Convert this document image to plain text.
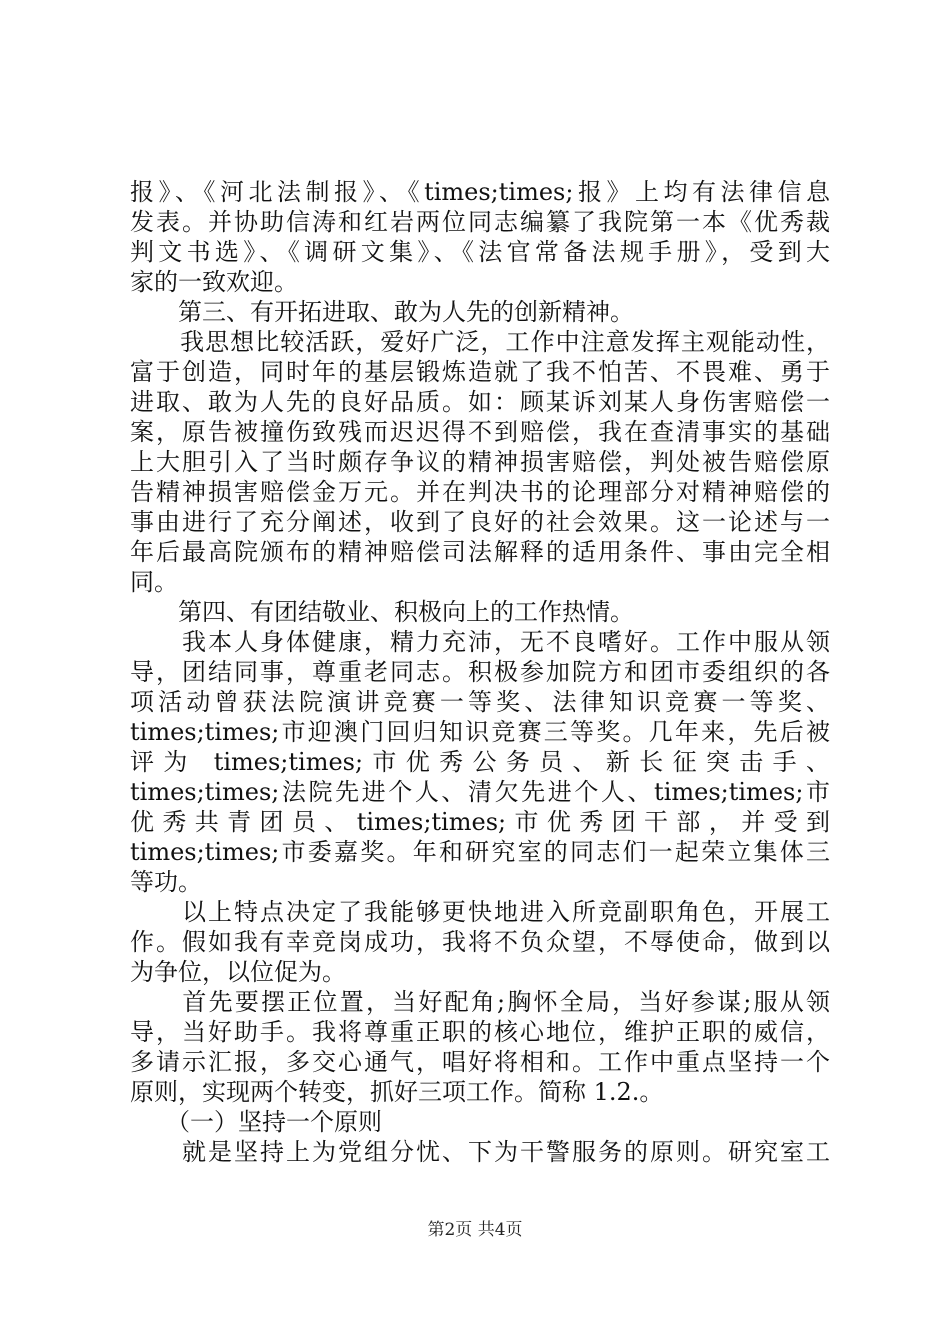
报》、《河北法制报》、《times;times;报》上均有法律信息
发表。并协助信涛和红岩两位同志编纂了我院第一本《优秀裁
判文书选》、《调研文集》、《法官常备法规手册》，受到大
家的一致欢迎。
　　第三、有开拓进取、敢为人先的创新精神。
　　我思想比较活跃，爱好广泛，工作中注意发挥主观能动性，
富于创造，同时年的基层锻炼造就了我不怕苦、不畏难、勇于
进取、敢为人先的良好品质。如：顾某诉刘某人身伤害赔偿一
案，原告被撞伤致残而迟迟得不到赔偿，我在查清事实的基础
上大胆引入了当时颇存争议的精神损害赔偿，判处被告赔偿原
告精神损害赔偿金万元。并在判决书的论理部分对精神赔偿的
事由进行了充分阐述，收到了良好的社会效果。这一论述与一
年后最高院颁布的精神赔偿司法解释的适用条件、事由完全相
同。
　　第四、有团结敬业、积极向上的工作热情。
　　我本人身体健康，精力充沛，无不良嗜好。工作中服从领
导，团结同事，尊重老同志。积极参加院方和团市委组织的各
项活动曾获法院演讲竞赛一等奖、法律知识竞赛一等奖、
times;times;市迎澳门回归知识竞赛三等奖。几年来，先后被
评为 times;times;市优秀公务员、新长征突击手、
times;times;法院先进个人、清欠先进个人、times;times;市
优秀共青团员、times;times;市优秀团干部，并受到
times;times;市委嘉奖。年和研究室的同志们一起荣立集体三
等功。
　　以上特点决定了我能够更快地进入所竞副职角色，开展工
作。假如我有幸竞岗成功，我将不负众望，不辱使命，做到以
为争位，以位促为。
　　首先要摆正位置，当好配角;胸怀全局，当好参谋;服从领
导，当好助手。我将尊重正职的核心地位，维护正职的威信，
多请示汇报，多交心通气，唱好将相和。工作中重点坚持一个
原则，实现两个转变，抓好三项工作。简称 1.2.。
　　（一）坚持一个原则
　　就是坚持上为党组分忧、下为干警服务的原则。研究室工
第2页 共4页
